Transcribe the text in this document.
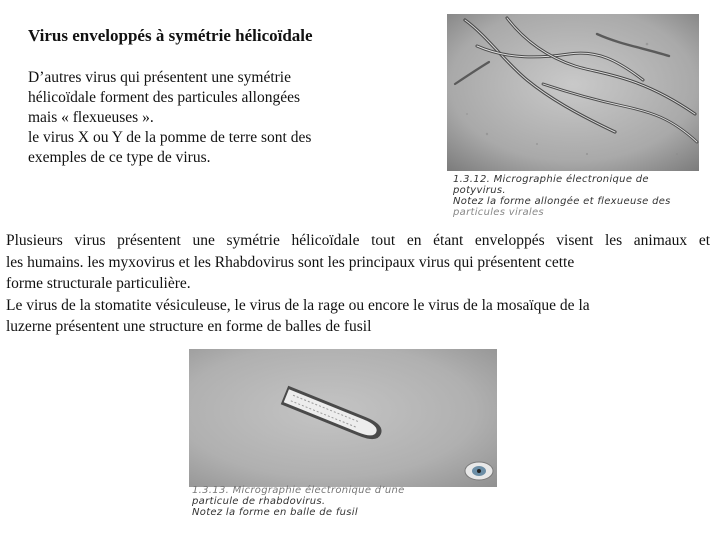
Virus enveloppés à symétrie hélicoïdale
D’autres virus qui présentent une symétrie
hélicoïdale forment des particules allongées
mais « flexueuses ».
le virus X ou Y de la pomme de terre sont des
exemples de ce type de virus.
1.3.12. Micrographie électronique de
potyvirus.
Notez la forme allongée et flexueuse des
particules virales
Plusieurs virus présentent une symétrie hélicoïdale tout en étant enveloppés visent les animaux et
les humains. les myxovirus et les Rhabdovirus sont les principaux virus qui présentent cette
forme structurale particulière.
Le virus de la stomatite vésiculeuse, le virus de la rage ou encore le virus de la mosaïque de la
luzerne présentent une structure en forme de balles de fusil
1.3.13. Micrographie électronique d’une
particule de rhabdovirus.
Notez la forme en balle de fusil
